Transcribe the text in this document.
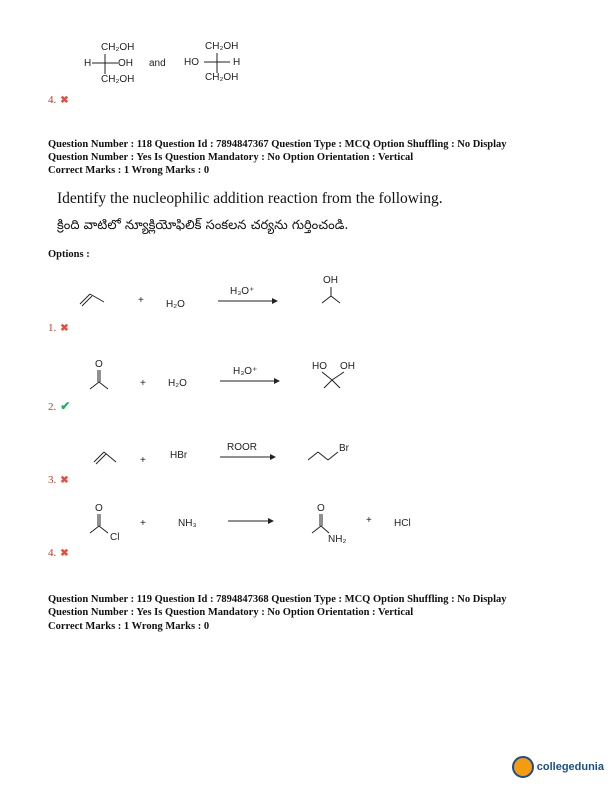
CH₂OH
H	OH
CH₂OH
and
CH₂OH
HO	H
CH₂OH
4. ✖
Question Number : 118 Question Id : 7894847367 Question Type : MCQ Option Shuffling : No Display
Question Number : Yes Is Question Mandatory : No Option Orientation : Vertical
Correct Marks : 1 Wrong Marks : 0
Identify the nucleophilic addition reaction from the following.
క్రింది వాటిలో న్యూక్లియోఫిలిక్ సంకలన చర్యను గుర్తించండి.
Options :
+ H₂O
H₃O⁺
OH
1. ✖
O
+ H₂O
H₃O⁺	HO OH
2. ✔
+ HBr
ROOR	Br
3. ✖
O
Cl
+	NH₃
O
NH₂
+ HCl
4. ✖
Question Number : 119 Question Id : 7894847368 Question Type : MCQ Option Shuffling : No Display
Question Number : Yes Is Question Mandatory : No Option Orientation : Vertical
Correct Marks : 1 Wrong Marks : 0
collegedunia
